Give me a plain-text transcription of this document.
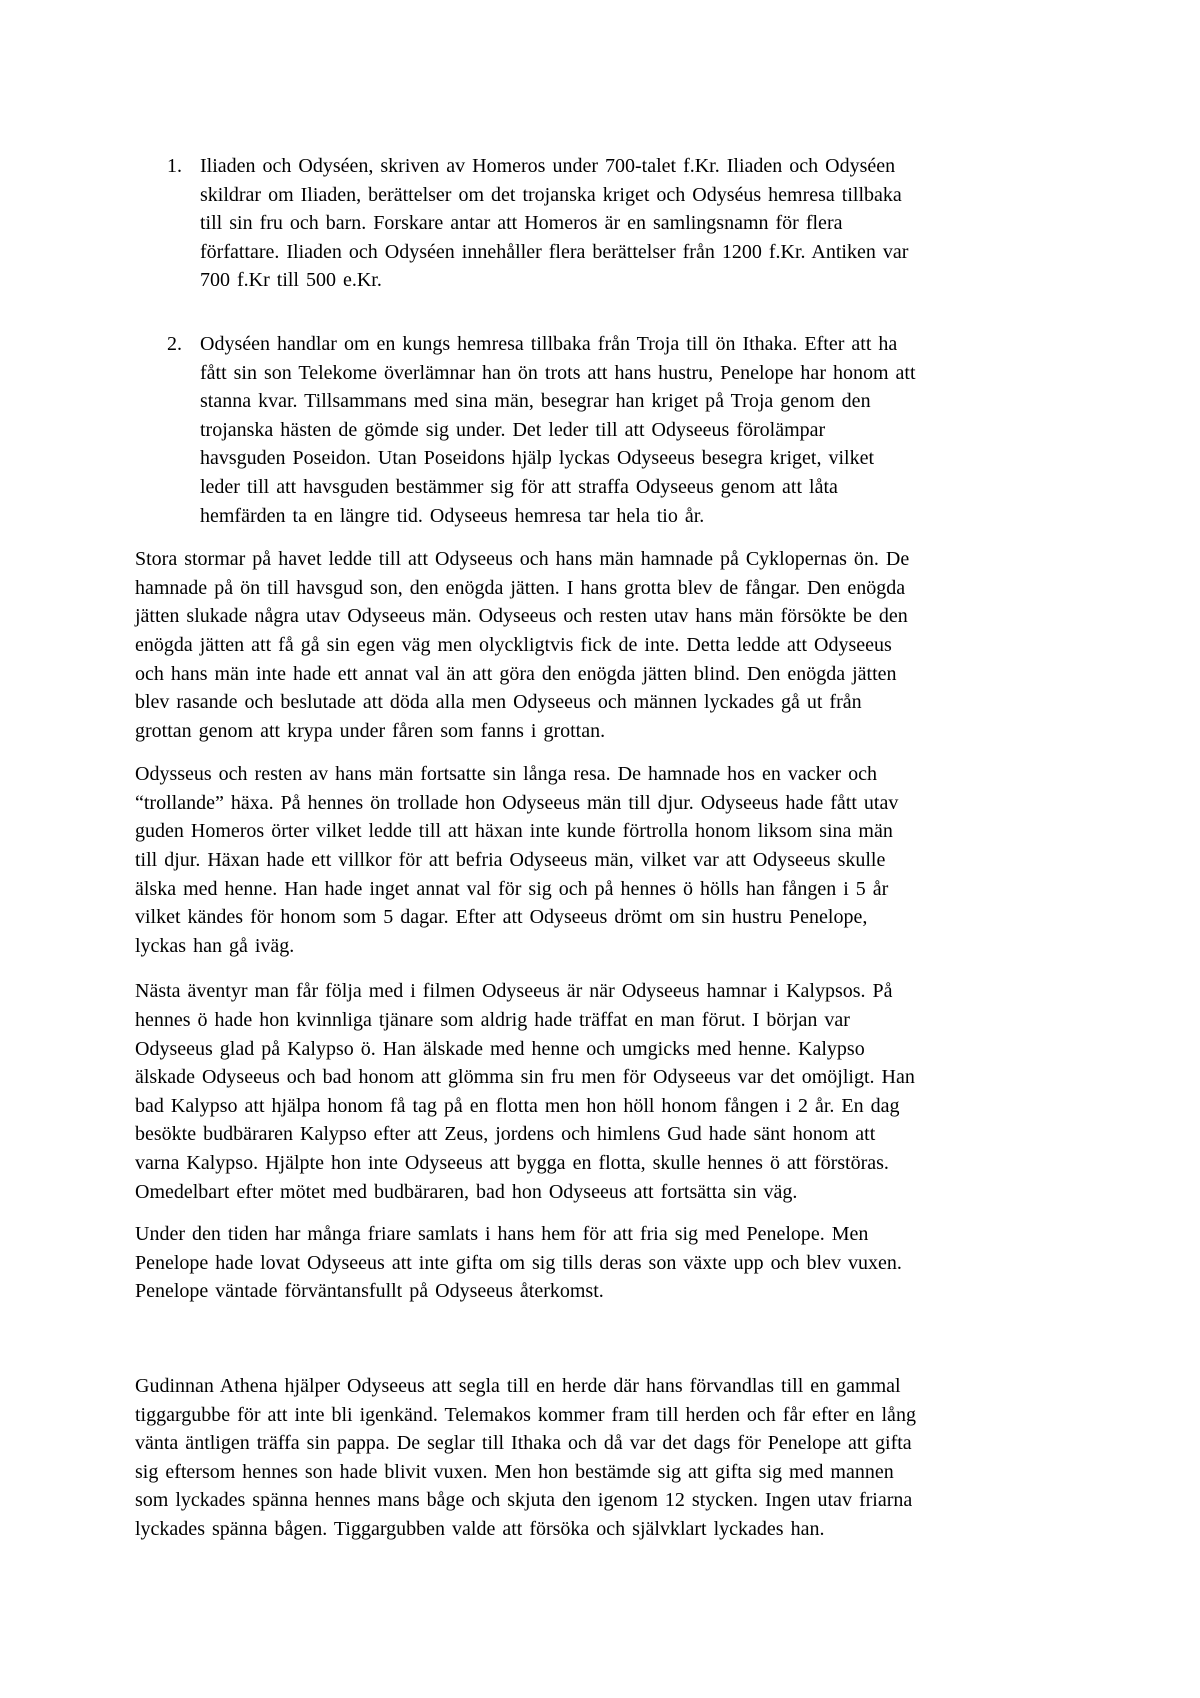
1. Iliaden och Odyséen, skriven av Homeros under 700-talet f.Kr. Iliaden och Odyséen
skildrar om Iliaden, berättelser om det trojanska kriget och Odyséus hemresa tillbaka
till sin fru och barn. Forskare antar att Homeros är en samlingsnamn för flera
författare. Iliaden och Odyséen innehåller flera berättelser från 1200 f.Kr. Antiken var
700 f.Kr till 500 e.Kr.
2. Odyséen handlar om en kungs hemresa tillbaka från Troja till ön Ithaka. Efter att ha
fått sin son Telekome överlämnar han ön trots att hans hustru, Penelope har honom att
stanna kvar. Tillsammans med sina män, besegrar han kriget på Troja genom den
trojanska hästen de gömde sig under. Det leder till att Odyseeus förolämpar
havsguden Poseidon. Utan Poseidons hjälp lyckas Odyseeus besegra kriget, vilket
leder till att havsguden bestämmer sig för att straffa Odyseeus genom att låta
hemfärden ta en längre tid. Odyseeus hemresa tar hela tio år.
Stora stormar på havet ledde till att Odyseeus och hans män hamnade på Cyklopernas ön. De
hamnade på ön till havsgud son, den enögda jätten. I hans grotta blev de fångar. Den enögda
jätten slukade några utav Odyseeus män. Odyseeus och resten utav hans män försökte be den
enögda jätten att få gå sin egen väg men olyckligtvis fick de inte. Detta ledde att Odyseeus
och hans män inte hade ett annat val än att göra den enögda jätten blind. Den enögda jätten
blev rasande och beslutade att döda alla men Odyseeus och männen lyckades gå ut från
grottan genom att krypa under fåren som fanns i grottan.
Odysseus och resten av hans män fortsatte sin långa resa. De hamnade hos en vacker och
“trollande” häxa. På hennes ön trollade hon Odyseeus män till djur. Odyseeus hade fått utav
guden Homeros örter vilket ledde till att häxan inte kunde förtrolla honom liksom sina män
till djur. Häxan hade ett villkor för att befria Odyseeus män, vilket var att Odyseeus skulle
älska med henne. Han hade inget annat val för sig och på hennes ö hölls han fången i 5 år
vilket kändes för honom som 5 dagar. Efter att Odyseeus drömt om sin hustru Penelope,
lyckas han gå iväg.
Nästa äventyr man får följa med i filmen Odyseeus är när Odyseeus hamnar i Kalypsos. På
hennes ö hade hon kvinnliga tjänare som aldrig hade träffat en man förut. I början var
Odyseeus glad på Kalypso ö. Han älskade med henne och umgicks med henne. Kalypso
älskade Odyseeus och bad honom att glömma sin fru men för Odyseeus var det omöjligt. Han
bad Kalypso att hjälpa honom få tag på en flotta men hon höll honom fången i 2 år. En dag
besökte budbäraren Kalypso efter att Zeus, jordens och himlens Gud hade sänt honom att
varna Kalypso. Hjälpte hon inte Odyseeus att bygga en flotta, skulle hennes ö att förstöras.
Omedelbart efter mötet med budbäraren, bad hon Odyseeus att fortsätta sin väg.
Under den tiden har många friare samlats i hans hem för att fria sig med Penelope. Men
Penelope hade lovat Odyseeus att inte gifta om sig tills deras son växte upp och blev vuxen.
Penelope väntade förväntansfullt på Odyseeus återkomst.
Gudinnan Athena hjälper Odyseeus att segla till en herde där hans förvandlas till en gammal
tiggargubbe för att inte bli igenkänd. Telemakos kommer fram till herden och får efter en lång
vänta äntligen träffa sin pappa. De seglar till Ithaka och då var det dags för Penelope att gifta
sig eftersom hennes son hade blivit vuxen. Men hon bestämde sig att gifta sig med mannen
som lyckades spänna hennes mans båge och skjuta den igenom 12 stycken. Ingen utav friarna
lyckades spänna bågen. Tiggargubben valde att försöka och självklart lyckades han.
